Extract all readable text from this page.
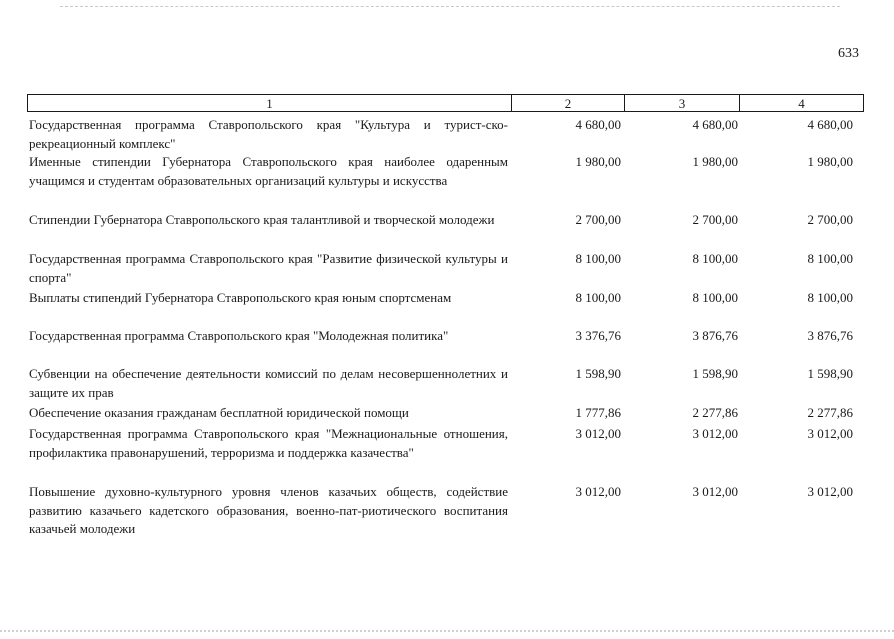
633
1	2	3	4
Государственная программа Ставропольского края "Культура и турист-ско-рекреационный комплекс"
4 680,00	4 680,00	4 680,00
Именные стипендии Губернатора Ставропольского края наиболее одаренным учащимся и студентам образовательных организаций культуры и искусства
1 980,00	1 980,00	1 980,00
Стипендии Губернатора Ставропольского края талантливой и творческой молодежи	2 700,00	2 700,00	2 700,00
Государственная программа Ставропольского края "Развитие физической культуры и спорта"
8 100,00	8 100,00	8 100,00
Выплаты стипендий Губернатора Ставропольского края юным спортсменам	8 100,00	8 100,00	8 100,00
Государственная программа Ставропольского края "Молодежная политика"	3 376,76	3 876,76	3 876,76
Субвенции на обеспечение деятельности комиссий по делам несовершеннолетних и защите их прав
1 598,90	1 598,90	1 598,90
Обеспечение оказания гражданам бесплатной юридической помощи	1 777,86	2 277,86	2 277,86
Государственная программа Ставропольского края "Межнациональные отношения, профилактика правонарушений, терроризма и поддержка казачества"
3 012,00	3 012,00	3 012,00
Повышение духовно-культурного уровня членов казачьих обществ, содействие развитию казачьего кадетского образования, военно-пат-риотического воспитания казачьей молодежи
3 012,00	3 012,00	3 012,00
